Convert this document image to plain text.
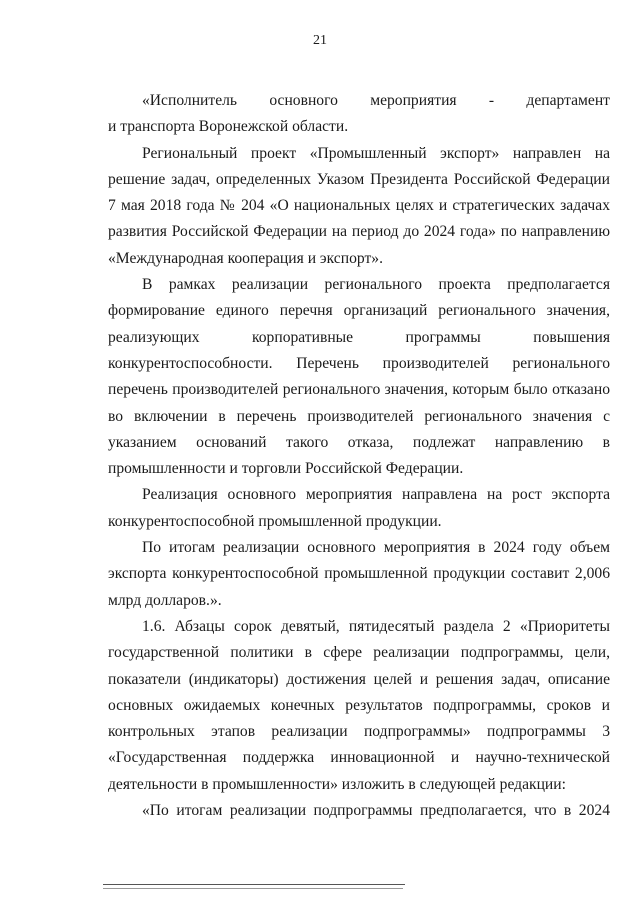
21
«Исполнитель основного мероприятия - департамент
и транспорта Воронежской области.
Региональный проект «Промышленный экспорт» направлен на
решение задач, определенных Указом Президента Российской Федерации
7 мая 2018 года № 204 «О национальных целях и стратегических задачах
развития Российской Федерации на период до 2024 года» по направлению
«Международная кооперация и экспорт».
В рамках реализации регионального проекта предполагается
формирование единого перечня организаций регионального значения,
реализующих корпоративные программы повышения
конкурентоспособности. Перечень производителей регионального
перечень производителей регионального значения, которым было отказано
во включении в перечень производителей регионального значения с
указанием оснований такого отказа, подлежат направлению в
промышленности и торговли Российской Федерации.
Реализация основного мероприятия направлена на рост экспорта
конкурентоспособной промышленной продукции.
По итогам реализации основного мероприятия в 2024 году объем
экспорта конкурентоспособной промышленной продукции составит 2,006
млрд долларов.».
1.6. Абзацы сорок девятый, пятидесятый раздела 2 «Приоритеты
государственной политики в сфере реализации подпрограммы, цели,
показатели (индикаторы) достижения целей и решения задач, описание
основных ожидаемых конечных результатов подпрограммы, сроков и
контрольных этапов реализации подпрограммы» подпрограммы 3
«Государственная поддержка инновационной и научно-технической
деятельности в промышленности» изложить в следующей редакции:
«По итогам реализации подпрограммы предполагается, что в 2024
